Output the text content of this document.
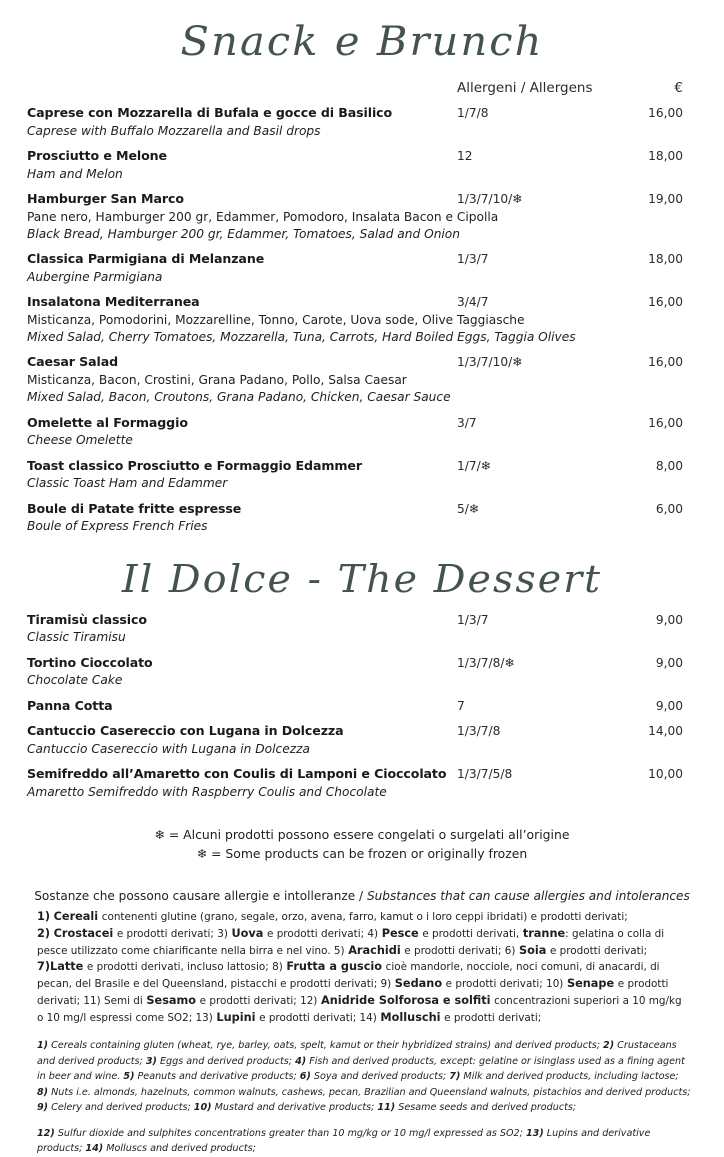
Snack e Brunch
Allergeni / Allergens	€
Caprese con Mozzarella di Bufala e gocce di Basilico	1/7/8	16,00
Caprese with Buffalo Mozzarella and Basil drops
Prosciutto e Melone	12	18,00
Ham and Melon
Hamburger San Marco	1/3/7/10/❄	19,00
Pane nero, Hamburger 200 gr, Edammer, Pomodoro, Insalata Bacon e Cipolla
Black Bread, Hamburger 200 gr, Edammer, Tomatoes, Salad and Onion
Classica Parmigiana di Melanzane	1/3/7	18,00
Aubergine Parmigiana
Insalatona Mediterranea	3/4/7	16,00
Misticanza, Pomodorini, Mozzarelline, Tonno, Carote, Uova sode, Olive Taggiasche
Mixed Salad, Cherry Tomatoes, Mozzarella, Tuna, Carrots, Hard Boiled Eggs, Taggia Olives
Caesar Salad	1/3/7/10/❄	16,00
Misticanza, Bacon, Crostini, Grana Padano, Pollo, Salsa Caesar
Mixed Salad, Bacon, Croutons, Grana Padano, Chicken, Caesar Sauce
Omelette al Formaggio	3/7	16,00
Cheese Omelette
Toast classico Prosciutto e Formaggio Edammer	1/7/❄	8,00
Classic Toast Ham and Edammer
Boule di Patate fritte espresse	5/❄	6,00
Boule of Express French Fries
Il Dolce - The Dessert
Tiramisù classico	1/3/7	9,00
Classic Tiramisu
Tortino Cioccolato	1/3/7/8/❄	9,00
Chocolate Cake
Panna Cotta	7	9,00
Cantuccio Casereccio con Lugana in Dolcezza	1/3/7/8	14,00
Cantuccio Casereccio with Lugana in Dolcezza
Semifreddo all’Amaretto con Coulis di Lamponi e Cioccolato 1/3/7/5/8	10,00
Amaretto Semifreddo with Raspberry Coulis and Chocolate
❄ = Alcuni prodotti possono essere congelati o surgelati all’origine
❄ = Some products can be frozen or originally frozen
Sostanze che possono causare allergie e intolleranze / Substances that can cause allergies and intolerances
1) Cereali contenenti glutine (grano, segale, orzo, avena, farro, kamut o i loro ceppi ibridati) e prodotti derivati;
2) Crostacei e prodotti derivati; 3) Uova e prodotti derivati; 4) Pesce e prodotti derivati, tranne: gelatina o colla di pesce utilizzato come chiarificante nella birra e nel vino. 5) Arachidi e prodotti derivati; 6) Soia e prodotti derivati;
7)Latte e prodotti derivati, incluso lattosio; 8) Frutta a guscio cioè mandorle, nocciole, noci comuni, di anacardi, di pecan, del Brasile e del Queensland, pistacchi e prodotti derivati; 9) Sedano e prodotti derivati; 10) Senape e prodotti derivati; 11) Semi di Sesamo e prodotti derivati; 12) Anidride Solforosa e solfiti concentrazioni superiori a 10 mg/kg o 10 mg/l espressi come SO2; 13) Lupini e prodotti derivati; 14) Molluschi e prodotti derivati;
1) Cereals containing gluten (wheat, rye, barley, oats, spelt, kamut or their hybridized strains) and derived products; 2) Crustaceans and derived products; 3) Eggs and derived products; 4) Fish and derived products, except: gelatine or isinglass used as a fining agent in beer and wine. 5) Peanuts and derivative products; 6) Soya and derived products; 7) Milk and derived products, including lactose; 8) Nuts i.e. almonds, hazelnuts, common walnuts, cashews, pecan, Brazilian and Queensland walnuts, pistachios and derived products; 9) Celery and derived products; 10) Mustard and derivative products; 11) Sesame seeds and derived products;
12) Sulfur dioxide and sulphites concentrations greater than 10 mg/kg or 10 mg/l expressed as SO2; 13) Lupins and derivative products; 14) Molluscs and derived products;
